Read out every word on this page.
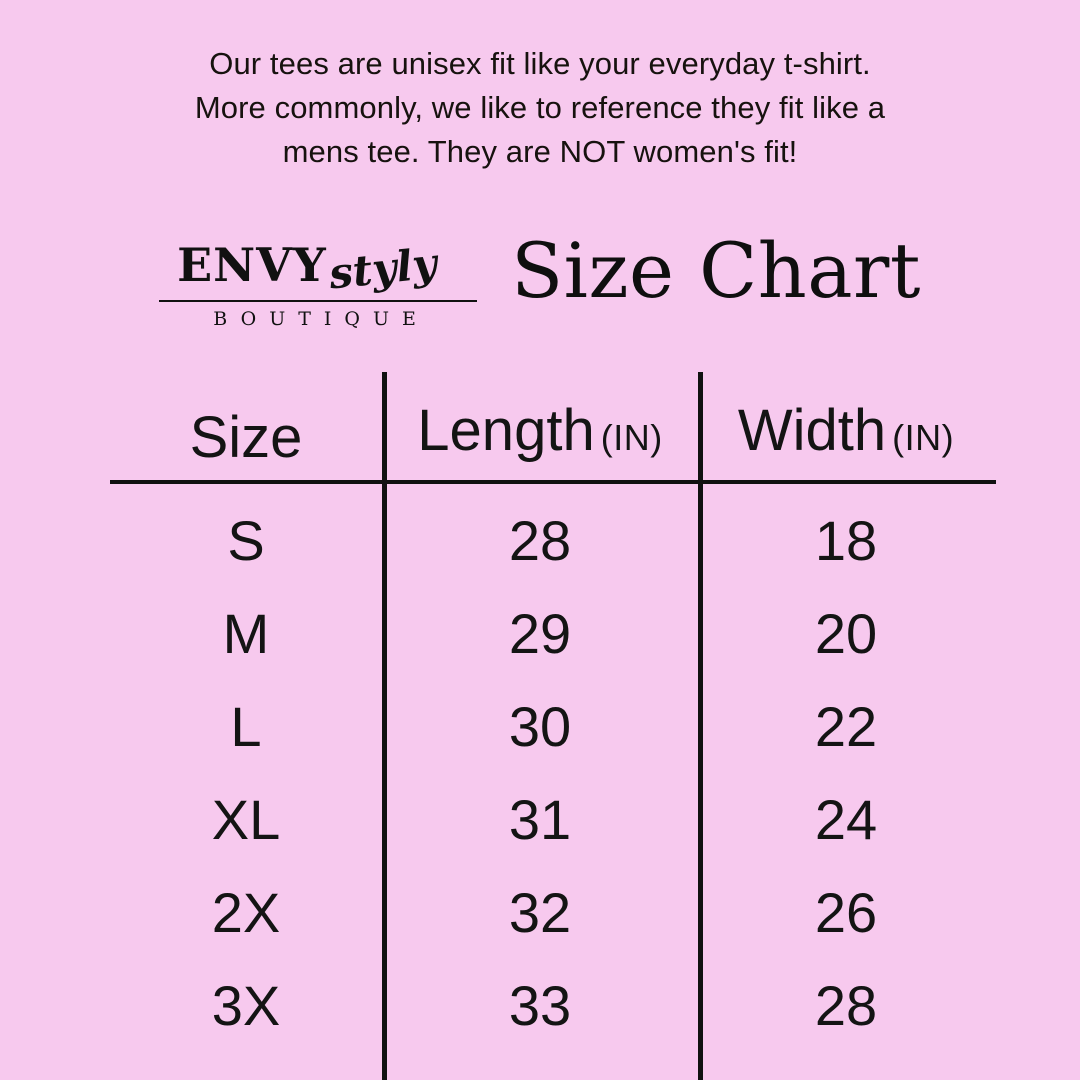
Our tees are unisex fit like your everyday t-shirt.
More commonly, we like to reference they fit like a
mens tee. They are NOT women's fit!
ENVY styly
BOUTIQUE
Size Chart
Size Length (IN) Width (IN)
S	28	18
M	29	20
L	30	22
XL	31	24
2X	32	26
3X	33	28
